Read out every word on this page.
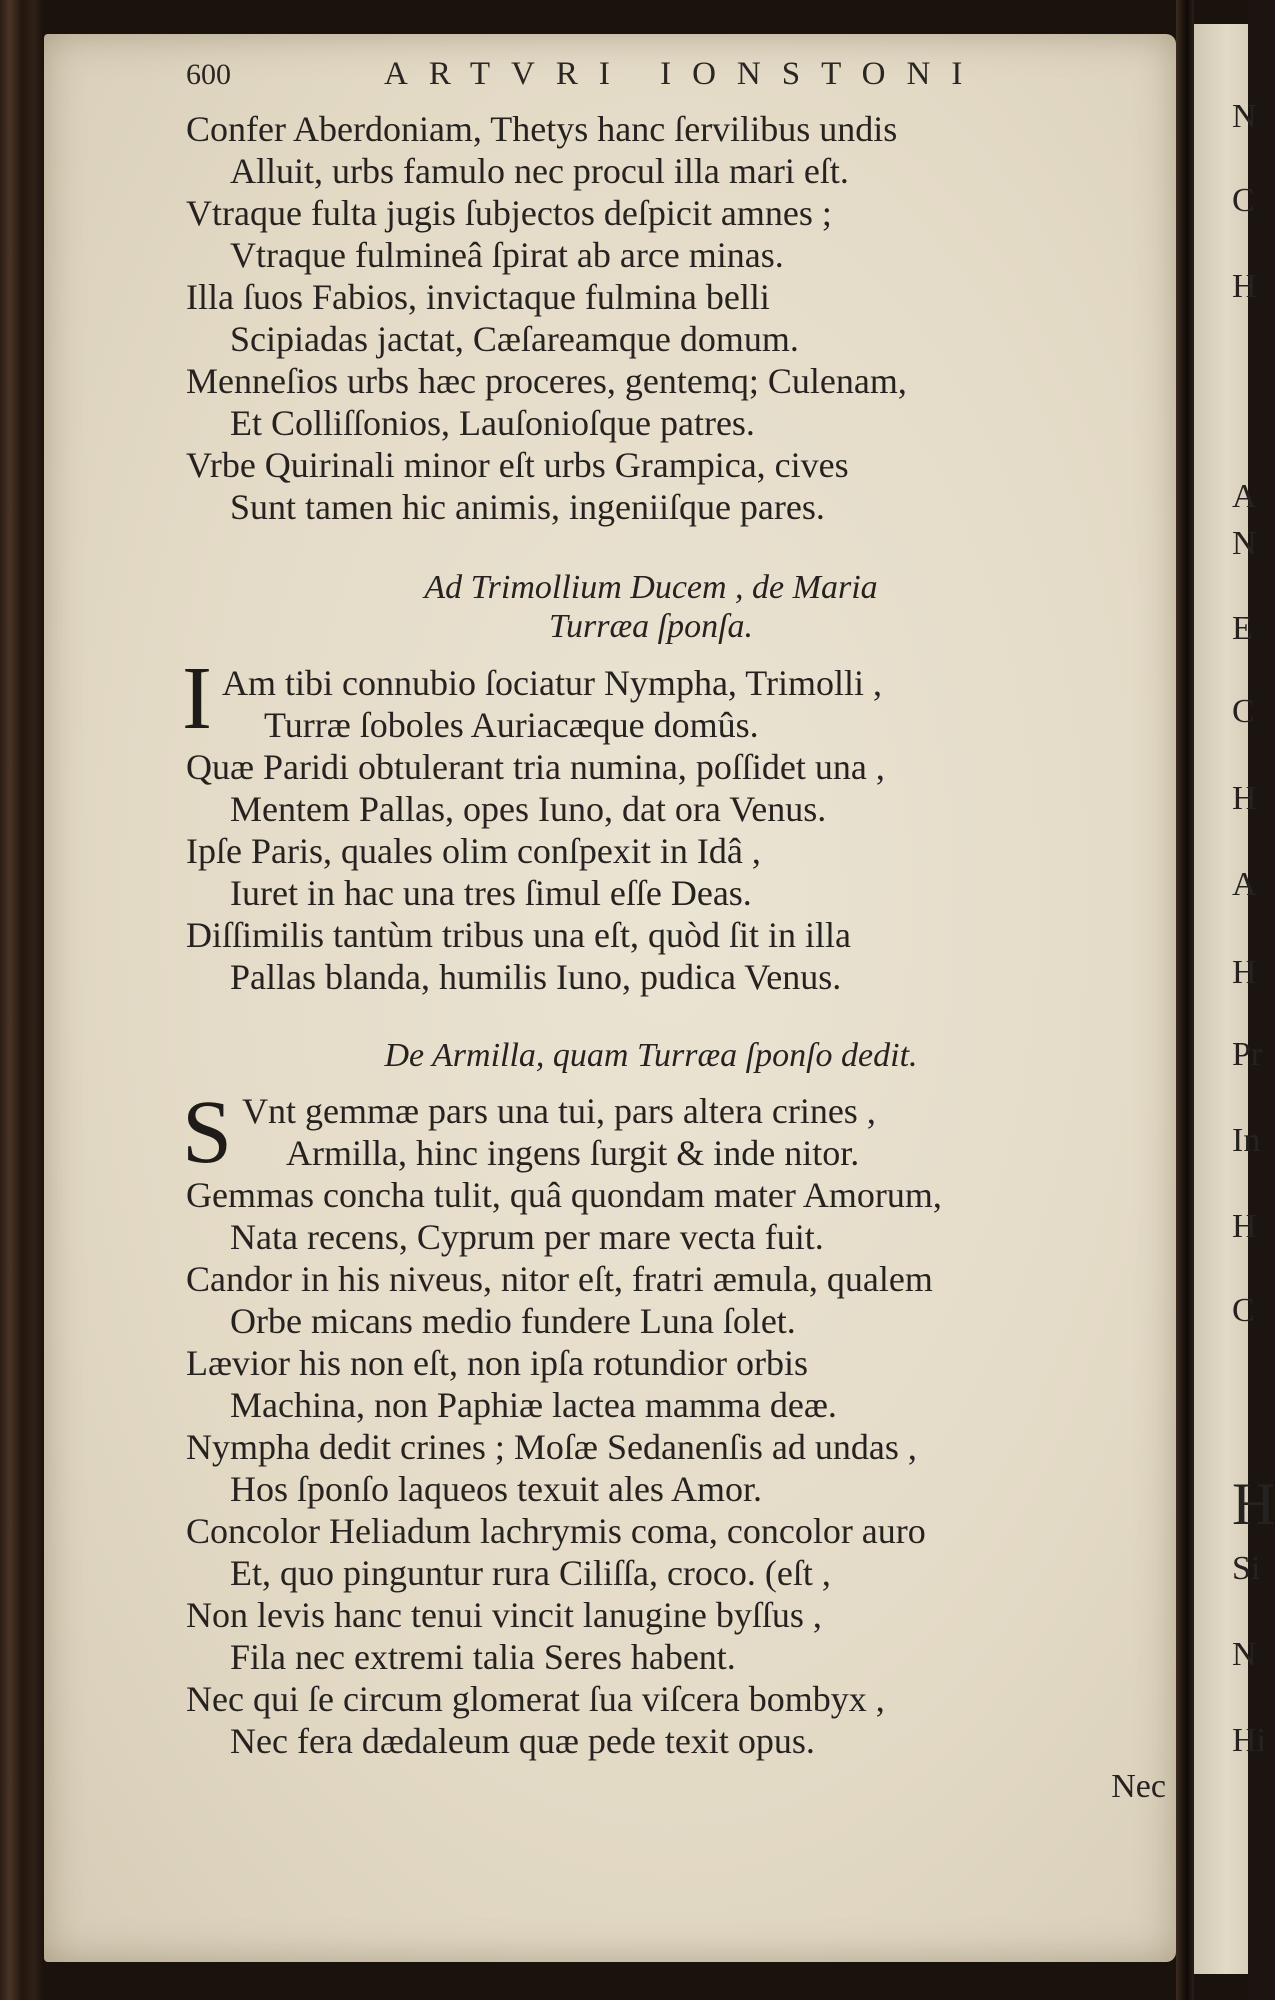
N
C
H
A
N
E
C
H
A
H
Pr
In
H
C
H
Si
N
Hi
600	ARTVRI IONSTONI
Confer Aberdoniam, Thetys hanc ſervilibus undis
Alluit, urbs famulo nec procul illa mari eſt.
Vtraque fulta jugis ſubjectos deſpicit amnes ;
Vtraque fulmineâ ſpirat ab arce minas.
Illa ſuos Fabios, invictaque fulmina belli
Scipiadas jactat, Cæſareamque domum.
Menneſios urbs hæc proceres, gentemq; Culenam,
Et Colliſſonios, Lauſonioſque patres.
Vrbe Quirinali minor eſt urbs Grampica, cives
Sunt tamen hic animis, ingeniiſque pares.
Ad Trimollium Ducem , de Maria
Turræa ſponſa.
I Am tibi connubio ſociatur Nympha, Trimolli ,
Turræ ſoboles Auriacæque domûs.
Quæ Paridi obtulerant tria numina, poſſidet una ,
Mentem Pallas, opes Iuno, dat ora Venus.
Ipſe Paris, quales olim conſpexit in Idâ ,
Iuret in hac una tres ſimul eſſe Deas.
Diſſimilis tantùm tribus una eſt, quòd ſit in illa
Pallas blanda, humilis Iuno, pudica Venus.
De Armilla, quam Turræa ſponſo dedit.
S Vnt gemmæ pars una tui, pars altera crines ,
Armilla, hinc ingens ſurgit & inde nitor.
Gemmas concha tulit, quâ quondam mater Amorum,
Nata recens, Cyprum per mare vecta fuit.
Candor in his niveus, nitor eſt, fratri æmula, qualem
Orbe micans medio fundere Luna ſolet.
Lævior his non eſt, non ipſa rotundior orbis
Machina, non Paphiæ lactea mamma deæ.
Nympha dedit crines ; Moſæ Sedanenſis ad undas ,
Hos ſponſo laqueos texuit ales Amor.
Concolor Heliadum lachrymis coma, concolor auro
Et, quo pinguntur rura Ciliſſa, croco. (eſt ,
Non levis hanc tenui vincit lanugine byſſus ,
Fila nec extremi talia Seres habent.
Nec qui ſe circum glomerat ſua viſcera bombyx ,
Nec fera dædaleum quæ pede texit opus.
Nec
